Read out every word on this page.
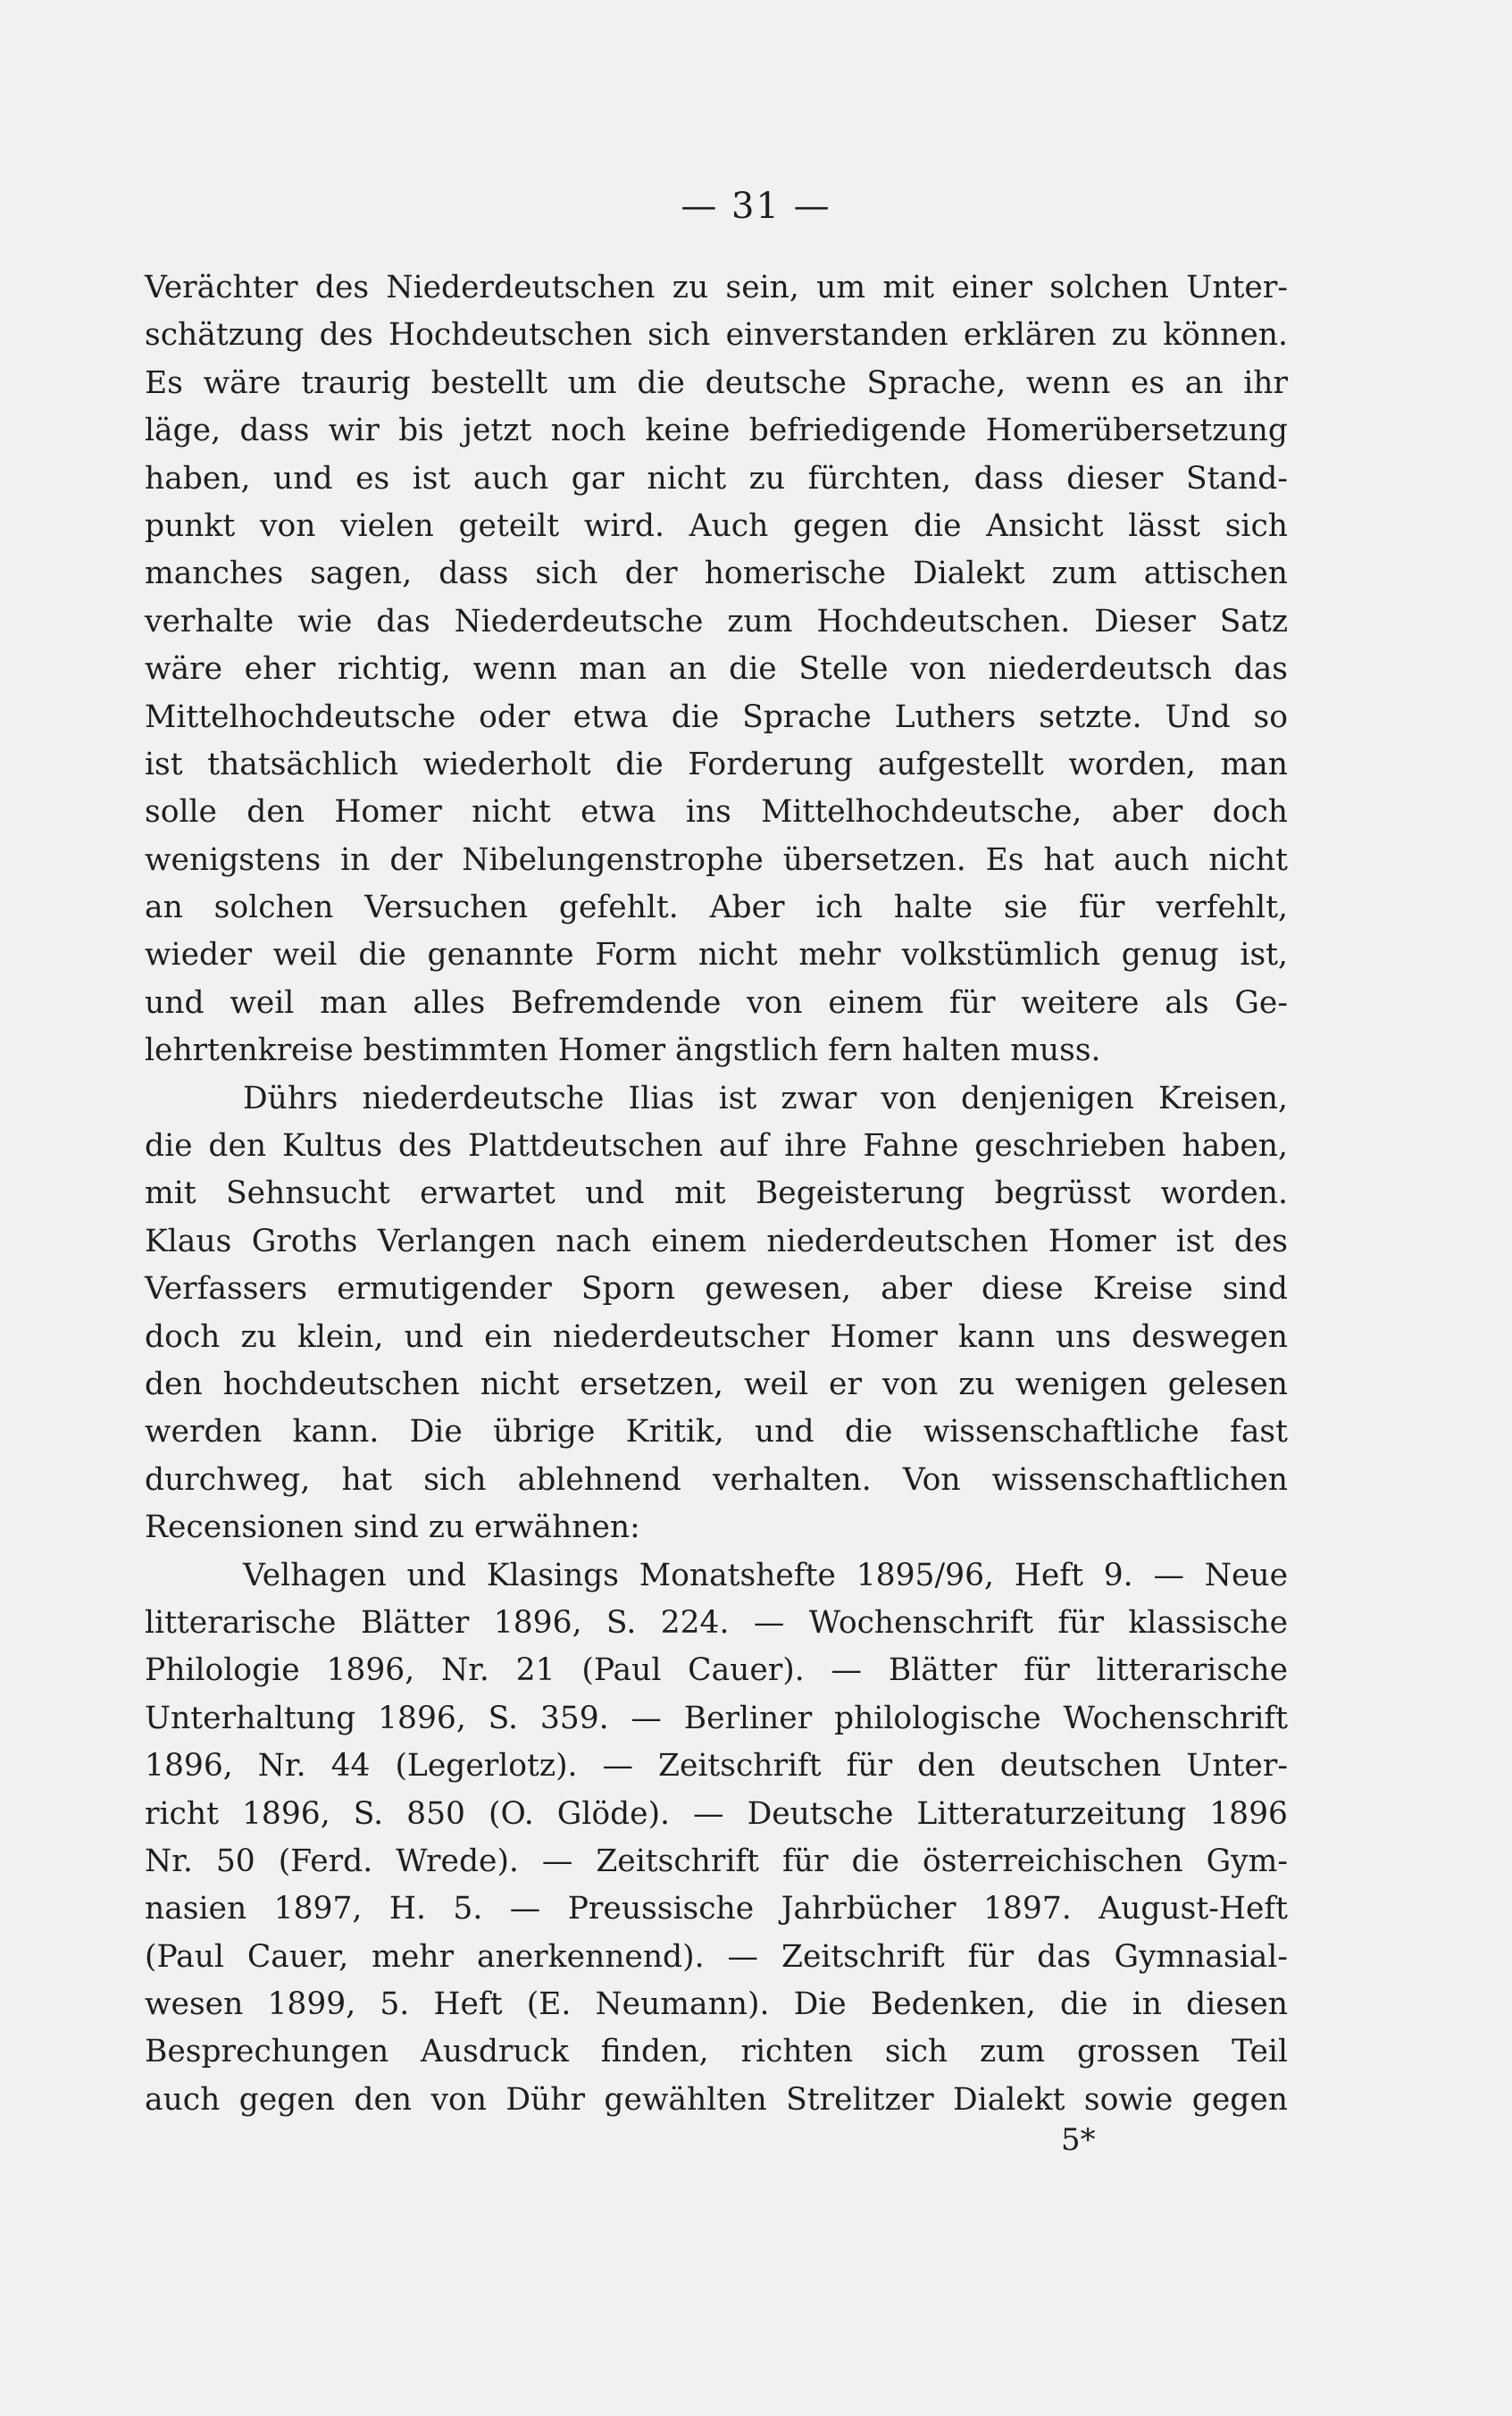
— 31 —
Verächter des Niederdeutschen zu sein, um mit einer solchen Unter-
schätzung des Hochdeutschen sich einverstanden erklären zu können.
Es wäre traurig bestellt um die deutsche Sprache, wenn es an ihr
läge, dass wir bis jetzt noch keine befriedigende Homerübersetzung
haben, und es ist auch gar nicht zu fürchten, dass dieser Stand-
punkt von vielen geteilt wird. Auch gegen die Ansicht lässt sich
manches sagen, dass sich der homerische Dialekt zum attischen
verhalte wie das Niederdeutsche zum Hochdeutschen. Dieser Satz
wäre eher richtig, wenn man an die Stelle von niederdeutsch das
Mittelhochdeutsche oder etwa die Sprache Luthers setzte. Und so
ist thatsächlich wiederholt die Forderung aufgestellt worden, man
solle den Homer nicht etwa ins Mittelhochdeutsche, aber doch
wenigstens in der Nibelungenstrophe übersetzen. Es hat auch nicht
an solchen Versuchen gefehlt. Aber ich halte sie für verfehlt,
wieder weil die genannte Form nicht mehr volkstümlich genug ist,
und weil man alles Befremdende von einem für weitere als Ge-
lehrtenkreise bestimmten Homer ängstlich fern halten muss.
Dührs niederdeutsche Ilias ist zwar von denjenigen Kreisen,
die den Kultus des Plattdeutschen auf ihre Fahne geschrieben haben,
mit Sehnsucht erwartet und mit Begeisterung begrüsst worden.
Klaus Groths Verlangen nach einem niederdeutschen Homer ist des
Verfassers ermutigender Sporn gewesen, aber diese Kreise sind
doch zu klein, und ein niederdeutscher Homer kann uns deswegen
den hochdeutschen nicht ersetzen, weil er von zu wenigen gelesen
werden kann. Die übrige Kritik, und die wissenschaftliche fast
durchweg, hat sich ablehnend verhalten. Von wissenschaftlichen
Recensionen sind zu erwähnen:
Velhagen und Klasings Monatshefte 1895/96, Heft 9. — Neue
litterarische Blätter 1896, S. 224. — Wochenschrift für klassische
Philologie 1896, Nr. 21 (Paul Cauer). — Blätter für litterarische
Unterhaltung 1896, S. 359. — Berliner philologische Wochenschrift
1896, Nr. 44 (Legerlotz). — Zeitschrift für den deutschen Unter-
richt 1896, S. 850 (O. Glöde). — Deutsche Litteraturzeitung 1896
Nr. 50 (Ferd. Wrede). — Zeitschrift für die österreichischen Gym-
nasien 1897, H. 5. — Preussische Jahrbücher 1897. August-Heft
(Paul Cauer, mehr anerkennend). — Zeitschrift für das Gymnasial-
wesen 1899, 5. Heft (E. Neumann). Die Bedenken, die in diesen
Besprechungen Ausdruck finden, richten sich zum grossen Teil
auch gegen den von Dühr gewählten Strelitzer Dialekt sowie gegen
5*
